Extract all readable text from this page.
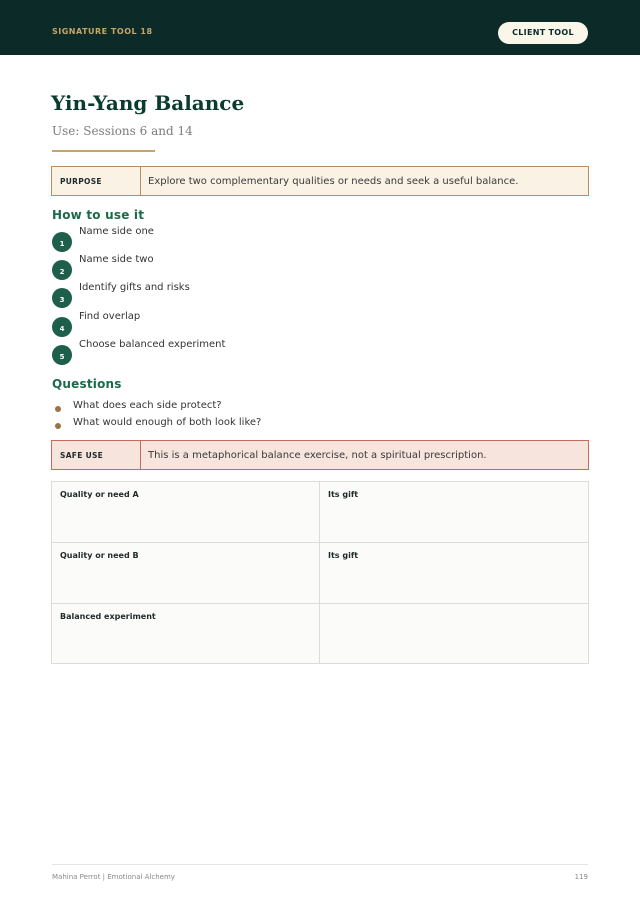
SIGNATURE TOOL 18	CLIENT TOOL
Yin-Yang Balance
Use: Sessions 6 and 14
PURPOSE	Explore two complementary qualities or needs and seek a useful balance.
How to use it
1
Name side one
2
Name side two
3
Identify gifts and risks
4
Find overlap
5
Choose balanced experiment
Questions
What does each side protect?
What would enough of both look like?
SAFE USE	This is a metaphorical balance exercise, not a spiritual prescription.
Quality or need A	Its gift
Quality or need B	Its gift
Balanced experiment
Mahina Perrot | Emotional Alchemy	119
